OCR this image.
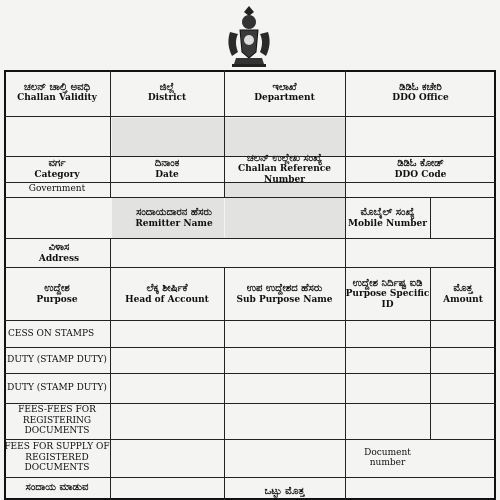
ಚಲನ್ ಚಾಲ್ತಿ ಅವಧಿ
Challan Validity
ಜಿಲ್ಲೆ
District
ಇಲಾಖೆ
Department
ಡಿಡಿಓ ಕಚೇರಿ
DDO Office
ವರ್ಗ
Category
ದಿನಾಂಕ
Date
ಚಲನ್ ಉಲ್ಲೇಖ ಸಂಖ್ಯೆ
Challan Reference Number
ಡಿಡಿಓ ಕೋಡ್
DDO Code
Government
ಸಂದಾಯದಾರನ ಹೆಸರು
Remitter Name
ಮೊಬೈಲ್ ಸಂಖ್ಯೆ
Mobile Number
ವಿಳಾಸ
Address
ಉದ್ದೇಶ
Purpose
ಲೆಕ್ಕ ಶೀರ್ಷಿಕೆ
Head of Account
ಉಪ ಉದ್ದೇಶದ ಹೆಸರು
Sub Purpose Name
ಉದ್ದೇಶ ನಿರ್ದಿಷ್ಟ ಐಡಿ
Purpose Specific ID
ಮೊತ್ತ
Amount
CESS ON STAMPS
DUTY (STAMP DUTY)
DUTY (STAMP DUTY)
FEES-FEES FOR REGISTERING DOCUMENTS
FEES FOR SUPPLY OF REGISTERED DOCUMENTS
Document number
ಸಂದಾಯ ಮಾಡುವ	ಒಟ್ಟು ಮೊತ್ತ
